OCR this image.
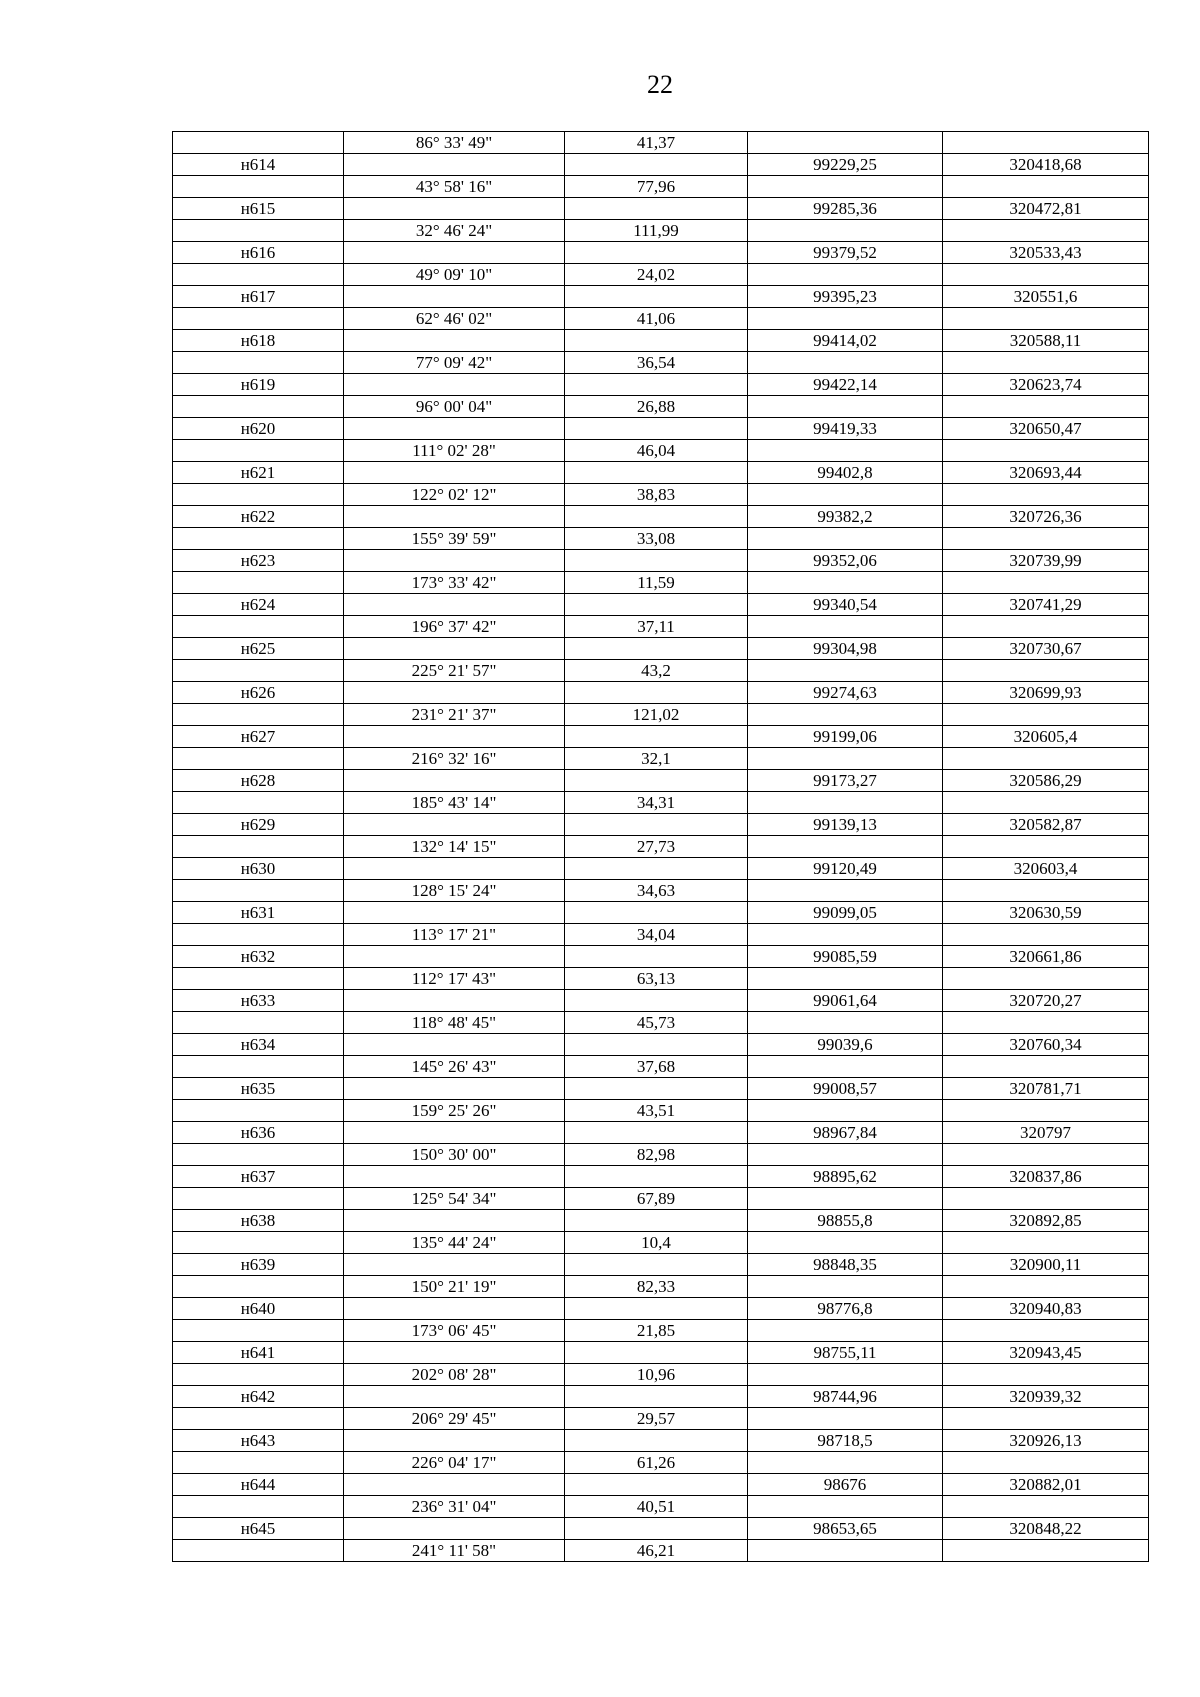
22
	86° 33' 49"	41,37		
н614			99229,25	320418,68
	43° 58' 16"	77,96		
н615			99285,36	320472,81
	32° 46' 24"	111,99		
н616			99379,52	320533,43
	49° 09' 10"	24,02		
н617			99395,23	320551,6
	62° 46' 02"	41,06		
н618			99414,02	320588,11
	77° 09' 42"	36,54		
н619			99422,14	320623,74
	96° 00' 04"	26,88		
н620			99419,33	320650,47
	111° 02' 28"	46,04		
н621			99402,8	320693,44
	122° 02' 12"	38,83		
н622			99382,2	320726,36
	155° 39' 59"	33,08		
н623			99352,06	320739,99
	173° 33' 42"	11,59		
н624			99340,54	320741,29
	196° 37' 42"	37,11		
н625			99304,98	320730,67
	225° 21' 57"	43,2		
н626			99274,63	320699,93
	231° 21' 37"	121,02		
н627			99199,06	320605,4
	216° 32' 16"	32,1		
н628			99173,27	320586,29
	185° 43' 14"	34,31		
н629			99139,13	320582,87
	132° 14' 15"	27,73		
н630			99120,49	320603,4
	128° 15' 24"	34,63		
н631			99099,05	320630,59
	113° 17' 21"	34,04		
н632			99085,59	320661,86
	112° 17' 43"	63,13		
н633			99061,64	320720,27
	118° 48' 45"	45,73		
н634			99039,6	320760,34
	145° 26' 43"	37,68		
н635			99008,57	320781,71
	159° 25' 26"	43,51		
н636			98967,84	320797
	150° 30' 00"	82,98		
н637			98895,62	320837,86
	125° 54' 34"	67,89		
н638			98855,8	320892,85
	135° 44' 24"	10,4		
н639			98848,35	320900,11
	150° 21' 19"	82,33		
н640			98776,8	320940,83
	173° 06' 45"	21,85		
н641			98755,11	320943,45
	202° 08' 28"	10,96		
н642			98744,96	320939,32
	206° 29' 45"	29,57		
н643			98718,5	320926,13
	226° 04' 17"	61,26		
н644			98676	320882,01
	236° 31' 04"	40,51		
н645			98653,65	320848,22
	241° 11' 58"	46,21		
